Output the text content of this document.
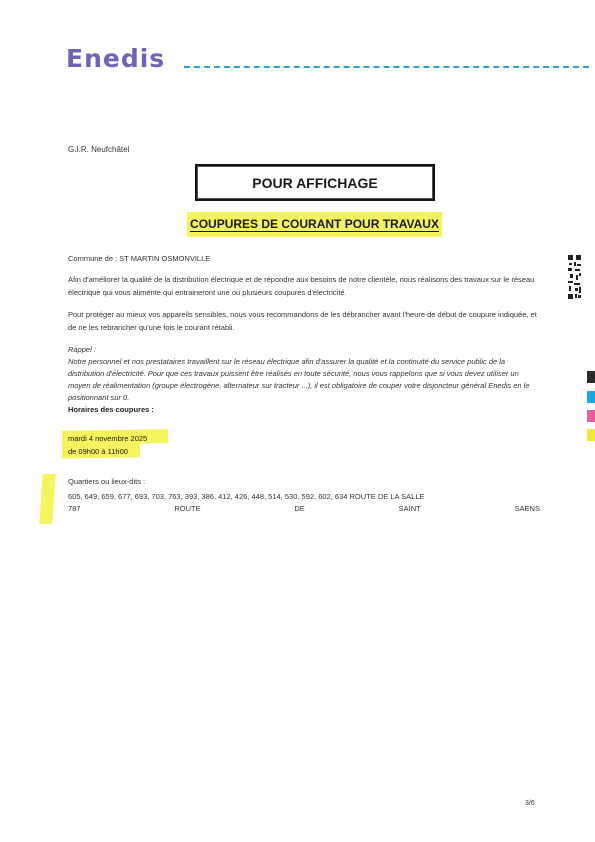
Enedis
G.I.R. Neufchâtel
POUR AFFICHAGE
COUPURES DE COURANT POUR TRAVAUX
Commune de : ST MARTIN OSMONVILLE
Afin d'améliorer la qualité de la distribution électrique et de répondre aux besoins de notre clientèle, nous réalisons des travaux sur le réseau électrique qui vous alimente qui entraineront une ou plusieurs coupures d'électricité.
Pour protéger au mieux vos appareils sensibles, nous vous recommandons de les débrancher avant l'heure de début de coupure indiquée, et de ne les rebrancher qu'une fois le courant rétabli.
Rappel :
Notre personnel et nos prestataires travaillent sur le réseau électrique afin d'assurer la qualité et la continuité du service public de la distribution d'électricité. Pour que ces travaux puissent être réalisés en toute sécurité, nous vous rappelons que si vous devez utiliser un moyen de réalimentation (groupe électrogène, alternateur sur tracteur ...), il est obligatoire de couper votre disjoncteur général Enedis en le positionnant sur 0.
Horaires des coupures :
mardi 4 novembre 2025
de 09h00 à 11h00
Quartiers ou lieux-dits :
605, 649, 659, 677, 693, 703, 763, 393, 386, 412, 426, 448, 514, 530, 592, 602, 634 ROUTE DE LA SALLE
787	ROUTE	DE	SAINT	SAENS
3/6
